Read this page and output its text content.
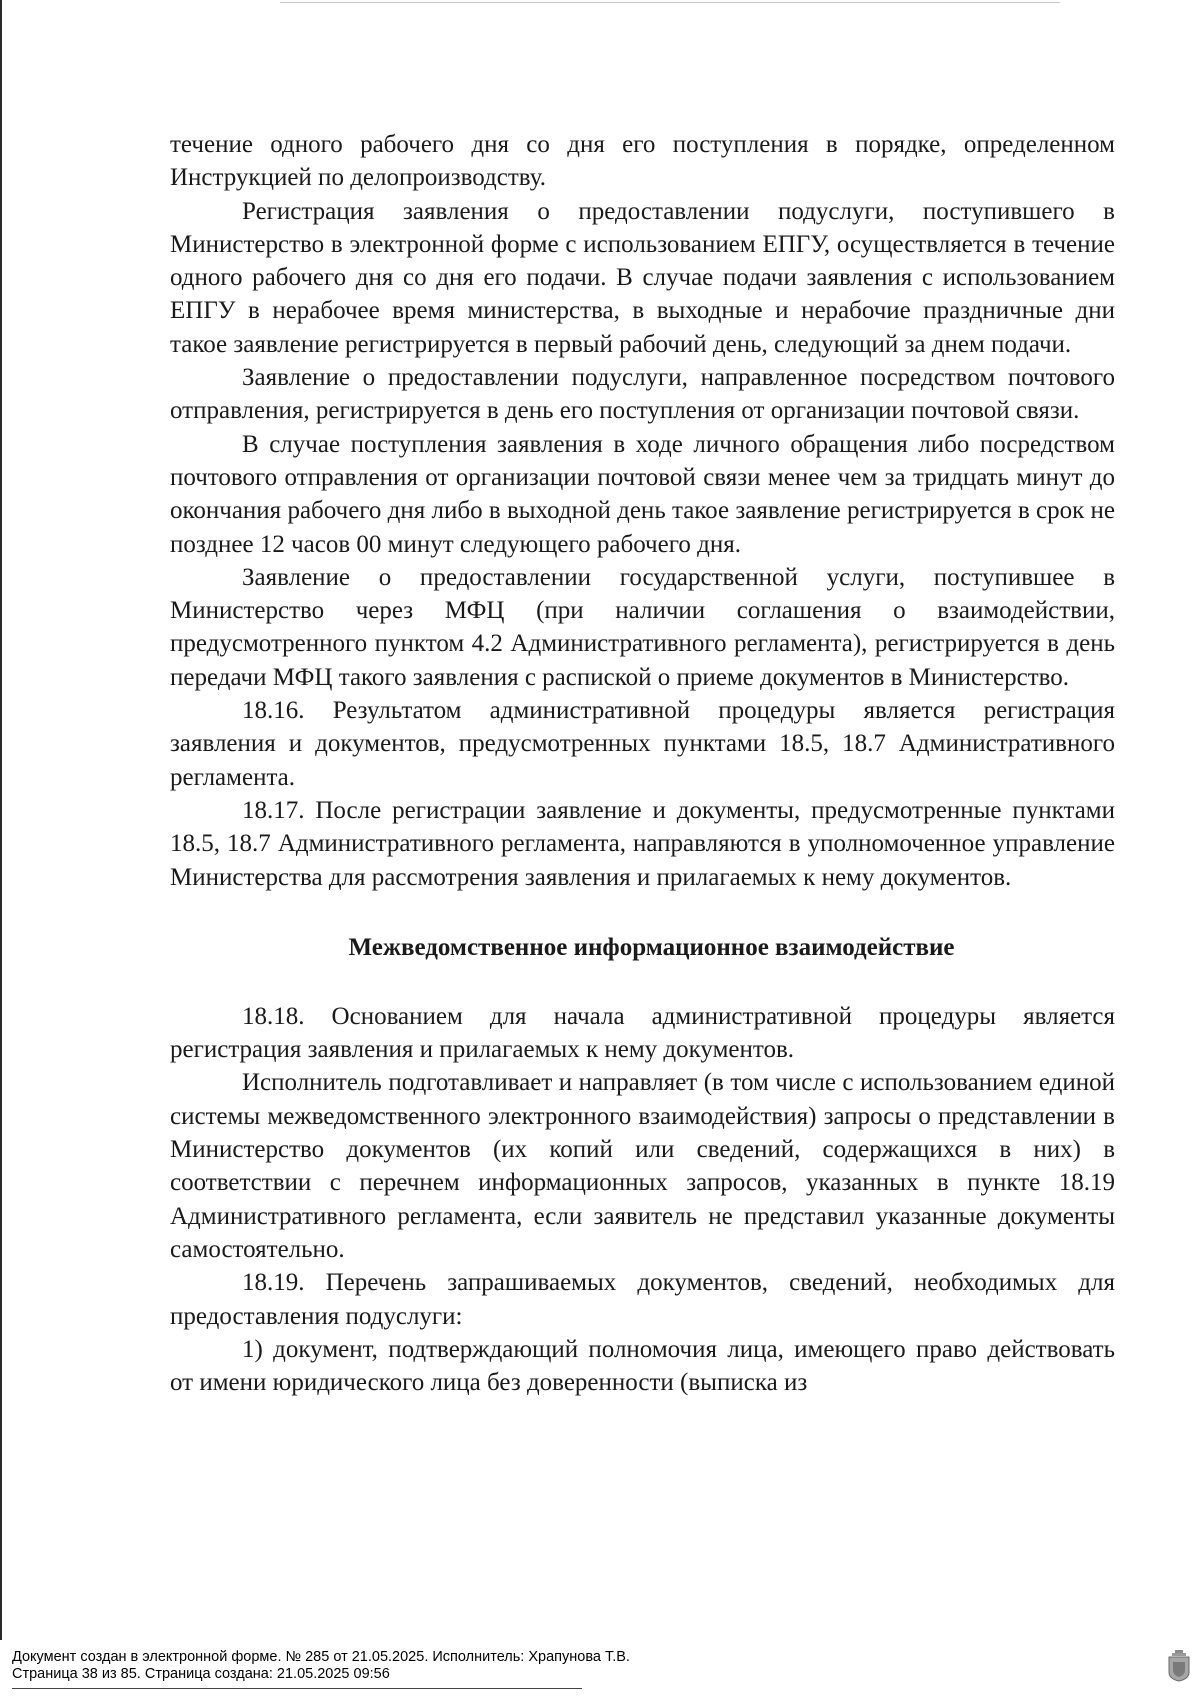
течение одного рабочего дня со дня его поступления в порядке, определенном Инструкцией по делопроизводству.

Регистрация заявления о предоставлении подуслуги, поступившего в Министерство в электронной форме с использованием ЕПГУ, осуществляется в течение одного рабочего дня со дня его подачи. В случае подачи заявления с использованием ЕПГУ в нерабочее время министерства, в выходные и нерабочие праздничные дни такое заявление регистрируется в первый рабочий день, следующий за днем подачи.

Заявление о предоставлении подуслуги, направленное посредством почтового отправления, регистрируется в день его поступления от организации почтовой связи.

В случае поступления заявления в ходе личного обращения либо посредством почтового отправления от организации почтовой связи менее чем за тридцать минут до окончания рабочего дня либо в выходной день такое заявление регистрируется в срок не позднее 12 часов 00 минут следующего рабочего дня.

Заявление о предоставлении государственной услуги, поступившее в Министерство через МФЦ (при наличии соглашения о взаимодействии, предусмотренного пунктом 4.2 Административного регламента), регистрируется в день передачи МФЦ такого заявления с распиской о приеме документов в Министерство.

18.16. Результатом административной процедуры является регистрация заявления и документов, предусмотренных пунктами 18.5, 18.7 Административного регламента.

18.17. После регистрации заявление и документы, предусмотренные пунктами 18.5, 18.7 Административного регламента, направляются в уполномоченное управление Министерства для рассмотрения заявления и прилагаемых к нему документов.

Межведомственное информационное взаимодействие

18.18. Основанием для начала административной процедуры является регистрация заявления и прилагаемых к нему документов.

Исполнитель подготавливает и направляет (в том числе с использованием единой системы межведомственного электронного взаимодействия) запросы о представлении в Министерство документов (их копий или сведений, содержащихся в них) в соответствии с перечнем информационных запросов, указанных в пункте 18.19 Административного регламента, если заявитель не представил указанные документы самостоятельно.

18.19. Перечень запрашиваемых документов, сведений, необходимых для предоставления подуслуги:

1) документ, подтверждающий полномочия лица, имеющего право действовать от имени юридического лица без доверенности (выписка из

Документ создан в электронной форме. № 285 от 21.05.2025. Исполнитель: Храпунова Т.В.
Страница 38 из 85. Страница создана: 21.05.2025 09:56
